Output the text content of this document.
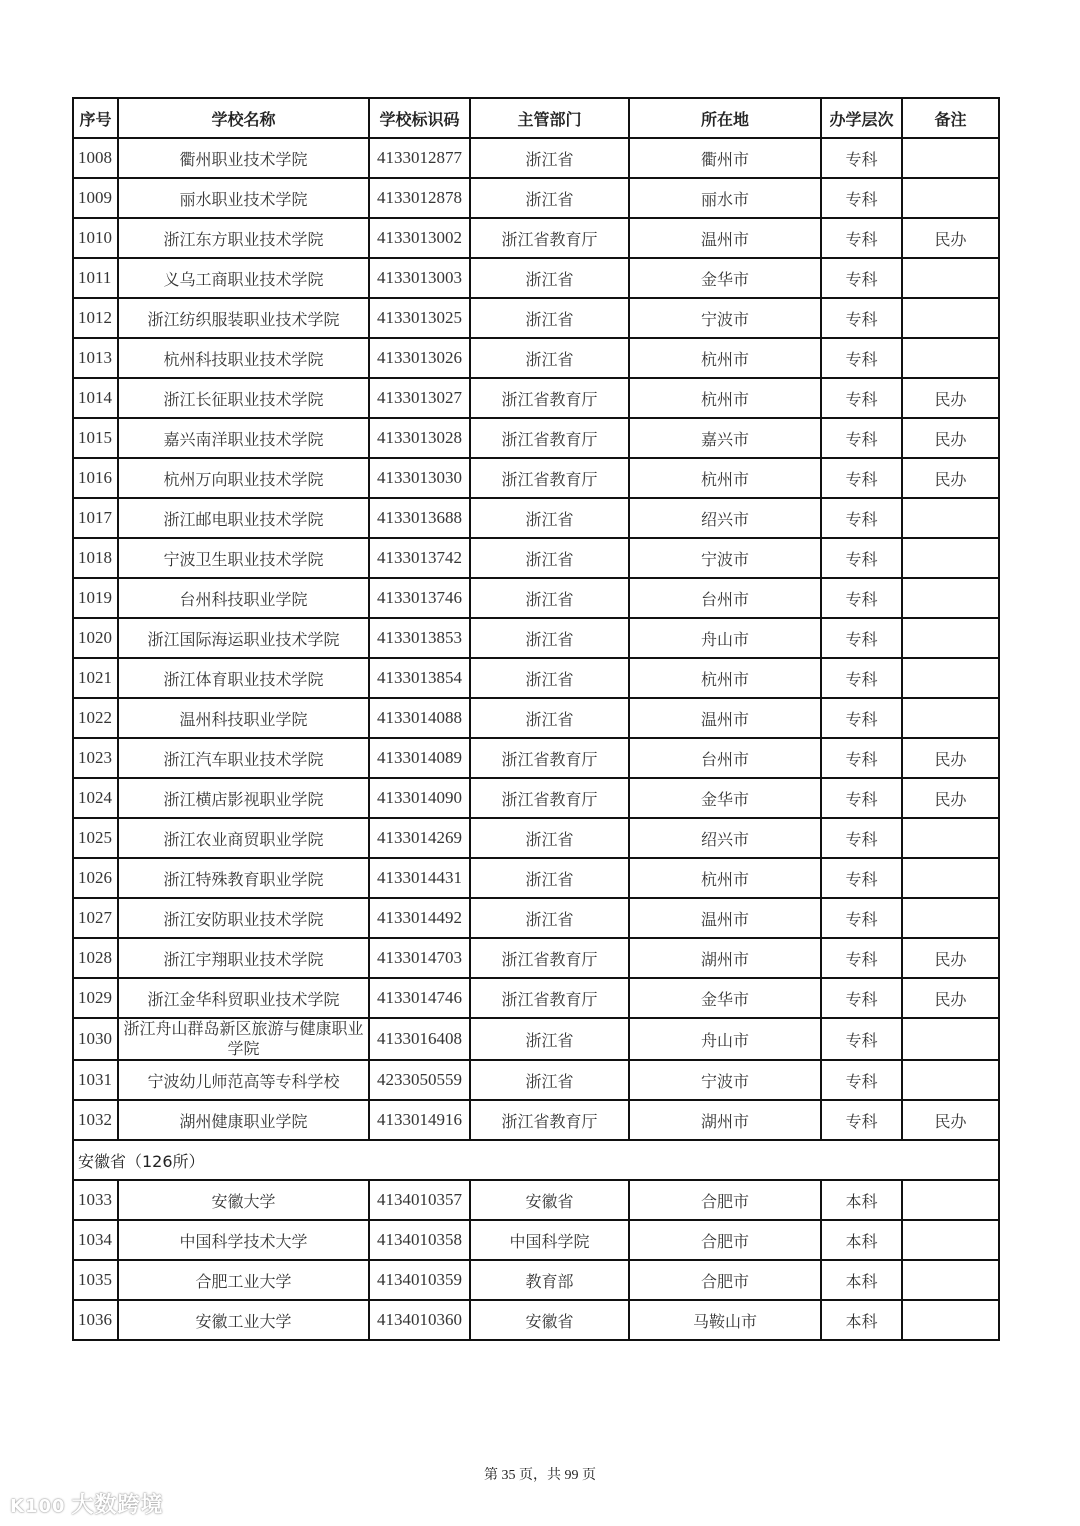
序号	学校名称	学校标识码	主管部门	所在地	办学层次	备注
1008	衢州职业技术学院	4133012877	浙江省	衢州市	专科	
1009	丽水职业技术学院	4133012878	浙江省	丽水市	专科	
1010	浙江东方职业技术学院	4133013002	浙江省教育厅	温州市	专科	民办
1011	义乌工商职业技术学院	4133013003	浙江省	金华市	专科	
1012	浙江纺织服装职业技术学院	4133013025	浙江省	宁波市	专科	
1013	杭州科技职业技术学院	4133013026	浙江省	杭州市	专科	
1014	浙江长征职业技术学院	4133013027	浙江省教育厅	杭州市	专科	民办
1015	嘉兴南洋职业技术学院	4133013028	浙江省教育厅	嘉兴市	专科	民办
1016	杭州万向职业技术学院	4133013030	浙江省教育厅	杭州市	专科	民办
1017	浙江邮电职业技术学院	4133013688	浙江省	绍兴市	专科	
1018	宁波卫生职业技术学院	4133013742	浙江省	宁波市	专科	
1019	台州科技职业学院	4133013746	浙江省	台州市	专科	
1020	浙江国际海运职业技术学院	4133013853	浙江省	舟山市	专科	
1021	浙江体育职业技术学院	4133013854	浙江省	杭州市	专科	
1022	温州科技职业学院	4133014088	浙江省	温州市	专科	
1023	浙江汽车职业技术学院	4133014089	浙江省教育厅	台州市	专科	民办
1024	浙江横店影视职业学院	4133014090	浙江省教育厅	金华市	专科	民办
1025	浙江农业商贸职业学院	4133014269	浙江省	绍兴市	专科	
1026	浙江特殊教育职业学院	4133014431	浙江省	杭州市	专科	
1027	浙江安防职业技术学院	4133014492	浙江省	温州市	专科	
1028	浙江宇翔职业技术学院	4133014703	浙江省教育厅	湖州市	专科	民办
1029	浙江金华科贸职业技术学院	4133014746	浙江省教育厅	金华市	专科	民办
1030	浙江舟山群岛新区旅游与健康职业学院	4133016408	浙江省	舟山市	专科	
1031	宁波幼儿师范高等专科学校	4233050559	浙江省	宁波市	专科	
1032	湖州健康职业学院	4133014916	浙江省教育厅	湖州市	专科	民办
安徽省（126所）						
1033	安徽大学	4134010357	安徽省	合肥市	本科	
1034	中国科学技术大学	4134010358	中国科学院	合肥市	本科	
1035	合肥工业大学	4134010359	教育部	合肥市	本科	
1036	安徽工业大学	4134010360	安徽省	马鞍山市	本科	
第 35 页，共 99 页
K100 大数跨境
